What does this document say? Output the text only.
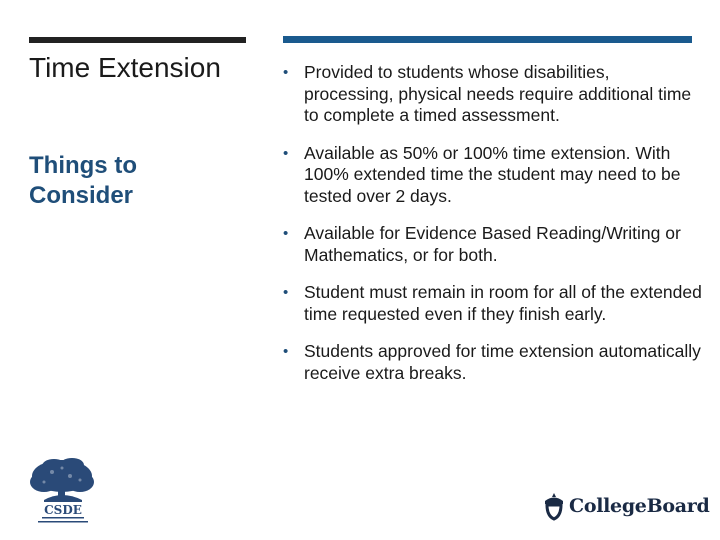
Time Extension
Things to Consider
• Provided to students whose disabilities, processing, physical needs require additional time to complete a timed assessment.
• Available as 50% or 100% time extension. With 100% extended time the student may need to be tested over 2 days.
• Available for Evidence Based Reading/Writing or Mathematics, or for both.
• Student must remain in room for all of the extended time requested even if they finish early.
• Students approved for time extension automatically receive extra breaks.
CSDE	CollegeBoard
